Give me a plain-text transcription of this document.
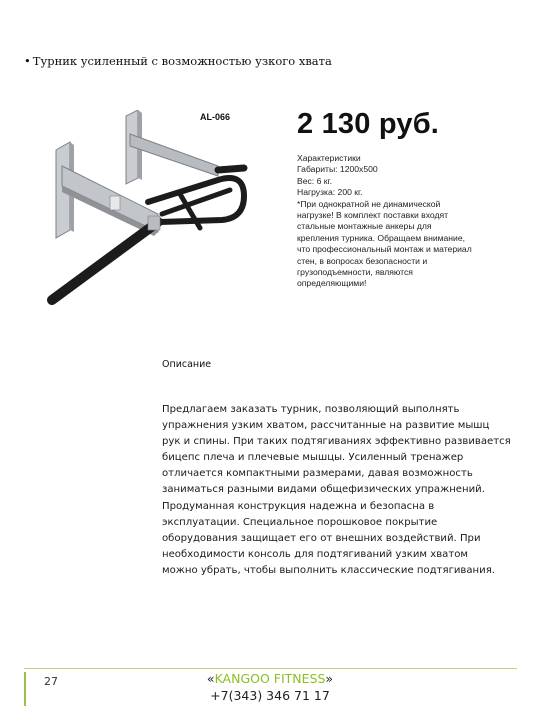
• Турник усиленный с возможностью узкого хвата
AL-066 2 130 руб.
Характеристики
Габариты: 1200х500
Вес: 6 кг.
Нагрузка: 200 кг.
*При однократной не динамической
нагрузке! В комплект поставки входят
стальные монтажные анкеры для
крепления турника. Обращаем внимание,
что профессиональный монтаж и материал
стен, в вопросах безопасности и
грузоподъемности, являются
определяющими!
Описание
Предлагаем заказать турник, позволяющий выполнять
упражнения узким хватом, рассчитанные на развитие мышц
рук и спины. При таких подтягиваниях эффективно развивается
бицепс плеча и плечевые мышцы. Усиленный тренажер
отличается компактными размерами, давая возможность
заниматься разными видами общефизических упражнений.
Продуманная конструкция надежна и безопасна в
эксплуатации. Специальное порошковое покрытие
оборудования защищает его от внешних воздействий. При
необходимости консоль для подтягиваний узким хватом
можно убрать, чтобы выполнить классические подтягивания.
27	«KANGOO FITNESS»
+7(343) 346 71 17
